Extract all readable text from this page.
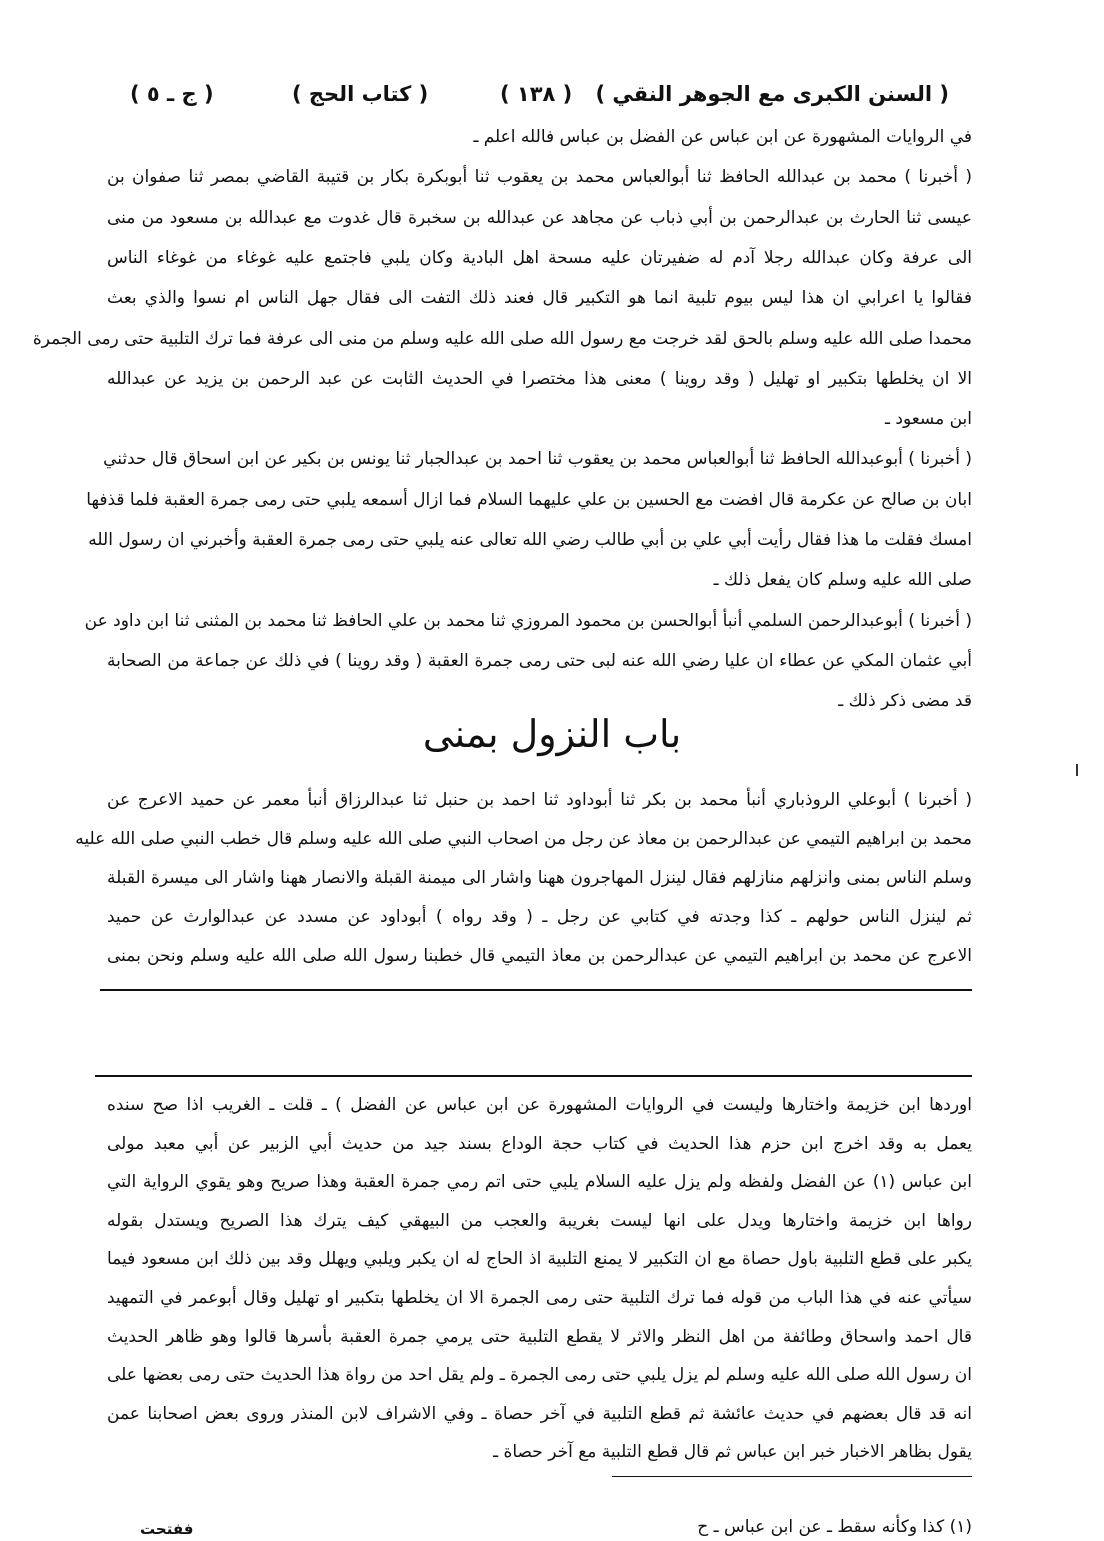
( السنن الكبرى مع الجوهر النقي )
( ١٣٨ )
( كتاب الحج )
( ج ـ ٥ )
في الروايات المشهورة عن ابن عباس عن الفضل بن عباس فالله اعلم ـ
( أخبرنا ) محمد بن عبدالله الحافظ ثنا أبوالعباس محمد بن يعقوب ثنا أبوبكرة بكار بن قتيبة القاضي بمصر ثنا صفوان بن
عيسى ثنا الحارث بن عبدالرحمن بن أبي ذباب عن مجاهد عن عبدالله بن سخبرة قال غدوت مع عبدالله بن مسعود من منى
الى عرفة وكان عبدالله رجلا آدم له ضفيرتان عليه مسحة اهل البادية وكان يلبي فاجتمع عليه غوغاء من غوغاء الناس
فقالوا يا اعرابي ان هذا ليس بيوم تلبية انما هو التكبير قال فعند ذلك التفت الى فقال جهل الناس ام نسوا والذي بعث
محمدا صلى الله عليه وسلم بالحق لقد خرجت مع رسول الله صلى الله عليه وسلم من منى الى عرفة فما ترك التلبية حتى رمى الجمرة
الا ان يخلطها بتكبير او تهليل ( وقد روينا ) معنى هذا مختصرا في الحديث الثابت عن عبد الرحمن بن يزيد عن عبدالله
ابن مسعود ـ
( أخبرنا ) أبوعبدالله الحافظ ثنا أبوالعباس محمد بن يعقوب ثنا احمد بن عبدالجبار ثنا يونس بن بكير عن ابن اسحاق قال حدثني
ابان بن صالح عن عكرمة قال افضت مع الحسين بن علي عليهما السلام فما ازال أسمعه يلبي حتى رمى جمرة العقبة فلما قذفها
امسك فقلت ما هذا فقال رأيت أبي علي بن أبي طالب رضي الله تعالى عنه يلبي حتى رمى جمرة العقبة وأخبرني ان رسول الله
صلى الله عليه وسلم كان يفعل ذلك ـ
( أخبرنا ) أبوعبدالرحمن السلمي أنبأ أبوالحسن بن محمود المروزي ثنا محمد بن علي الحافظ ثنا محمد بن المثنى ثنا ابن داود عن
أبي عثمان المكي عن عطاء ان عليا رضي الله عنه لبى حتى رمى جمرة العقبة ( وقد روينا ) في ذلك عن جماعة من الصحابة
قد مضى ذكر ذلك ـ
باب النزول بمنى
( أخبرنا ) أبوعلي الروذباري أنبأ محمد بن بكر ثنا أبوداود ثنا احمد بن حنبل ثنا عبدالرزاق أنبأ معمر عن حميد الاعرج عن
محمد بن ابراهيم التيمي عن عبدالرحمن بن معاذ عن رجل من اصحاب النبي صلى الله عليه وسلم قال خطب النبي صلى الله عليه
وسلم الناس بمنى وانزلهم منازلهم فقال لينزل المهاجرون ههنا واشار الى ميمنة القبلة والانصار ههنا واشار الى ميسرة القبلة
ثم لينزل الناس حولهم ـ كذا وجدته في كتابي عن رجل ـ ( وقد رواه ) أبوداود عن مسدد عن عبدالوارث عن حميد
الاعرج عن محمد بن ابراهيم التيمي عن عبدالرحمن بن معاذ التيمي قال خطبنا رسول الله صلى الله عليه وسلم ونحن بمنى
اوردها ابن خزيمة واختارها وليست في الروايات المشهورة عن ابن عباس عن الفضل ) ـ قلت ـ الغريب اذا صح سنده
يعمل به وقد اخرج ابن حزم هذا الحديث في كتاب حجة الوداع بسند جيد من حديث أبي الزبير عن أبي معبد مولى
ابن عباس (١) عن الفضل ولفظه ولم يزل عليه السلام يلبي حتى اتم رمي جمرة العقبة وهذا صريح وهو يقوي الرواية التي
رواها ابن خزيمة واختارها ويدل على انها ليست بغريبة والعجب من البيهقي كيف يترك هذا الصريح ويستدل بقوله
يكبر على قطع التلبية باول حصاة مع ان التكبير لا يمنع التلبية اذ الحاج له ان يكبر ويلبي ويهلل وقد بين ذلك ابن مسعود فيما
سيأتي عنه في هذا الباب من قوله فما ترك التلبية حتى رمى الجمرة الا ان يخلطها بتكبير او تهليل وقال أبوعمر في التمهيد
قال احمد واسحاق وطائفة من اهل النظر والاثر لا يقطع التلبية حتى يرمي جمرة العقبة بأسرها قالوا وهو ظاهر الحديث
ان رسول الله صلى الله عليه وسلم لم يزل يلبي حتى رمى الجمرة ـ ولم يقل احد من رواة هذا الحديث حتى رمى بعضها على
انه قد قال بعضهم في حديث عائشة ثم قطع التلبية في آخر حصاة ـ وفي الاشراف لابن المنذر وروى بعض اصحابنا عمن
يقول بظاهر الاخبار خبر ابن عباس ثم قال قطع التلبية مع آخر حصاة ـ
(١) كذا وكأنه سقط ـ عن ابن عباس ـ ح
ففتحت
